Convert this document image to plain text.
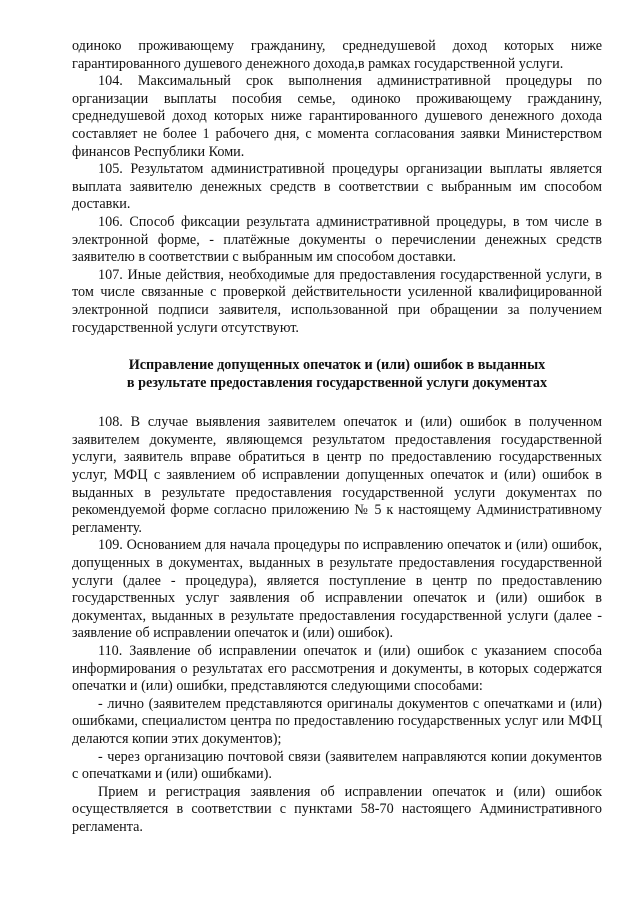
одиноко проживающему гражданину, среднедушевой доход которых ниже гарантированного душевого денежного дохода,в рамках государственной услуги.

104. Максимальный срок выполнения административной процедуры по организации выплаты пособия семье, одиноко проживающему гражданину, среднедушевой доход которых ниже гарантированного душевого денежного дохода составляет не более 1 рабочего дня, с момента согласования заявки Министерством финансов Республики Коми.

105. Результатом административной процедуры организации выплаты является выплата заявителю денежных средств в соответствии с выбранным им способом доставки.

106. Способ фиксации результата административной процедуры, в том числе в электронной форме, - платёжные документы о перечислении денежных средств заявителю в соответствии с выбранным им способом доставки.

107. Иные действия, необходимые для предоставления государственной услуги, в том числе связанные с проверкой действительности усиленной квалифицированной электронной подписи заявителя, использованной при обращении за получением государственной услуги отсутствуют.

Исправление допущенных опечаток и (или) ошибок в выданных
в результате предоставления государственной услуги документах

108. В случае выявления заявителем опечаток и (или) ошибок в полученном заявителем документе, являющемся результатом предоставления государственной услуги, заявитель вправе обратиться в центр по предоставлению государственных услуг, МФЦ с заявлением об исправлении допущенных опечаток и (или) ошибок в выданных в результате предоставления государственной услуги документах по рекомендуемой форме согласно приложению № 5 к настоящему Административному регламенту.

109. Основанием для начала процедуры по исправлению опечаток и (или) ошибок, допущенных в документах, выданных в результате предоставления государственной услуги (далее - процедура), является поступление в центр по предоставлению государственных услуг заявления об исправлении опечаток и (или) ошибок в документах, выданных в результате предоставления государственной услуги (далее - заявление об исправлении опечаток и (или) ошибок).

110. Заявление об исправлении опечаток и (или) ошибок с указанием способа информирования о результатах его рассмотрения и документы, в которых содержатся опечатки и (или) ошибки, представляются следующими способами:

- лично (заявителем представляются оригиналы документов с опечатками и (или) ошибками, специалистом центра по предоставлению государственных услуг или МФЦ делаются копии этих документов);

- через организацию почтовой связи (заявителем направляются копии документов с опечатками и (или) ошибками).

Прием и регистрация заявления об исправлении опечаток и (или) ошибок осуществляется в соответствии с пунктами 58-70 настоящего Административного регламента.
